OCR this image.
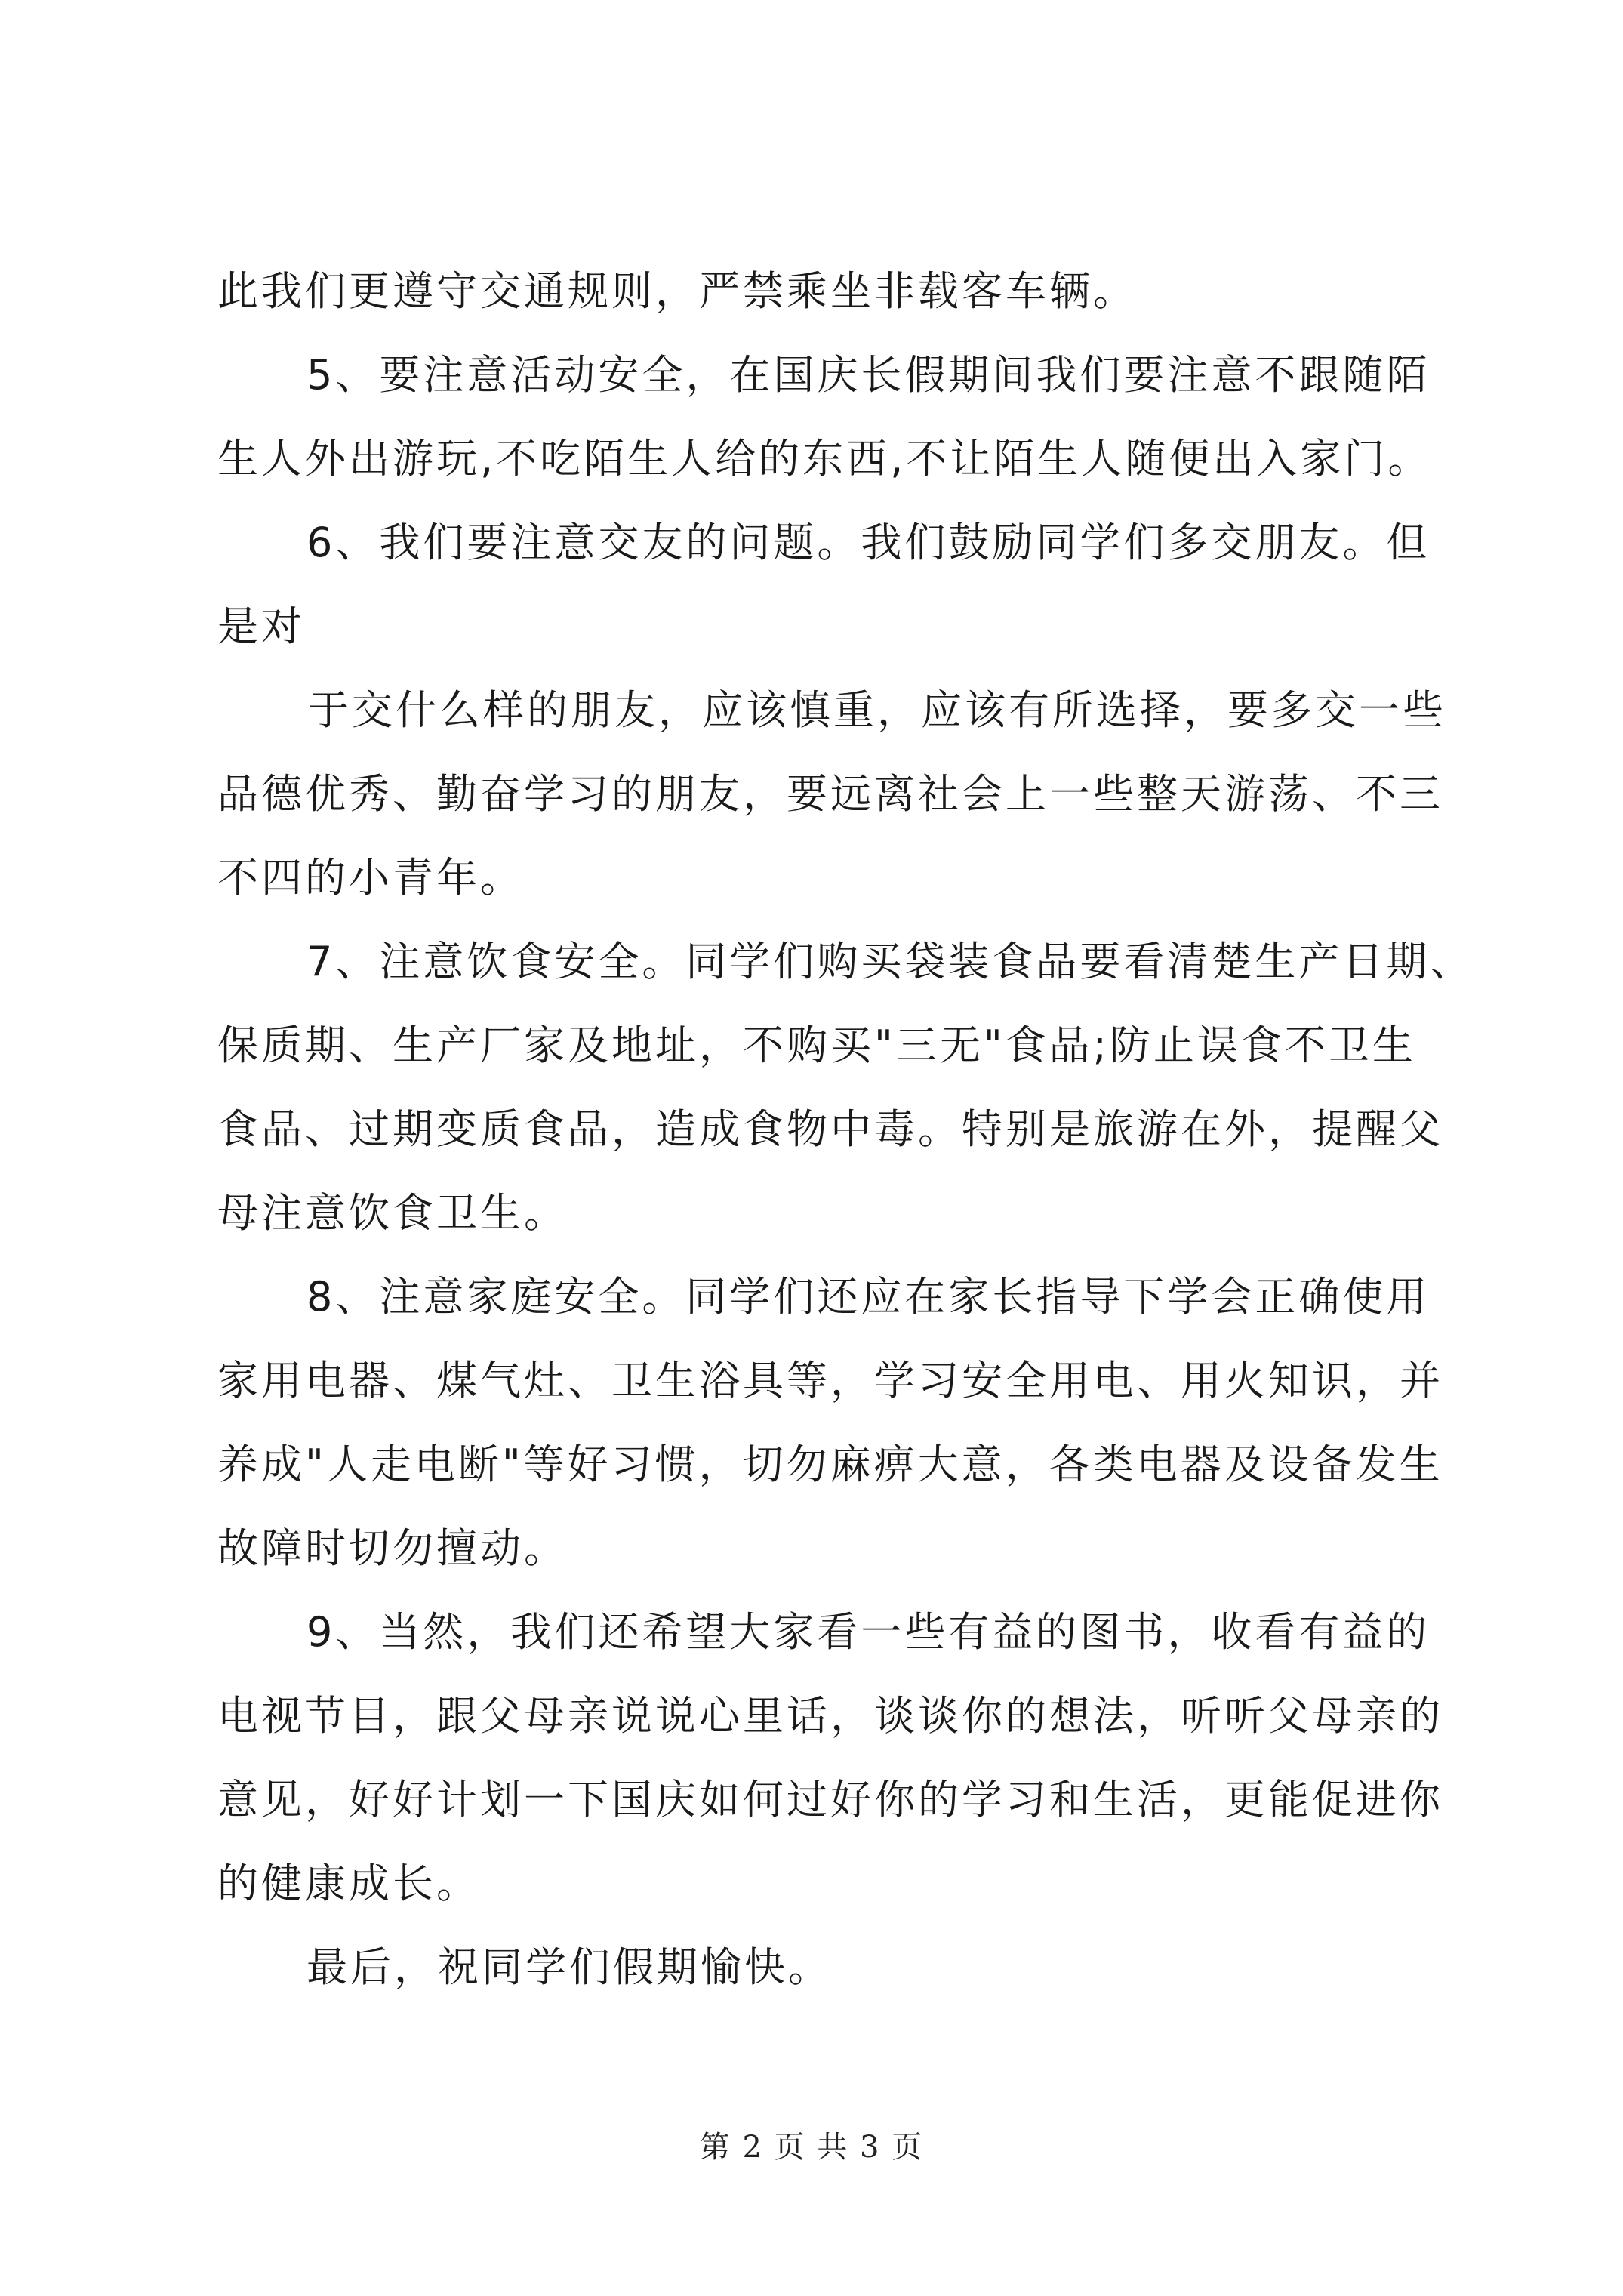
此我们更遵守交通规则，严禁乘坐非载客车辆。
5、要注意活动安全，在国庆长假期间我们要注意不跟随陌
生人外出游玩,不吃陌生人给的东西,不让陌生人随便出入家门。
6、我们要注意交友的问题。我们鼓励同学们多交朋友。但
是对
于交什么样的朋友，应该慎重，应该有所选择，要多交一些
品德优秀、勤奋学习的朋友，要远离社会上一些整天游荡、不三
不四的小青年。
7、注意饮食安全。同学们购买袋装食品要看清楚生产日期、
保质期、生产厂家及地址，不购买"三无"食品;防止误食不卫生
食品、过期变质食品，造成食物中毒。特别是旅游在外，提醒父
母注意饮食卫生。
8、注意家庭安全。同学们还应在家长指导下学会正确使用
家用电器、煤气灶、卫生浴具等，学习安全用电、用火知识，并
养成"人走电断"等好习惯，切勿麻痹大意，各类电器及设备发生
故障时切勿擅动。
9、当然，我们还希望大家看一些有益的图书，收看有益的
电视节目，跟父母亲说说心里话，谈谈你的想法，听听父母亲的
意见，好好计划一下国庆如何过好你的学习和生活，更能促进你
的健康成长。
最后，祝同学们假期愉快。
第 2 页 共 3 页
